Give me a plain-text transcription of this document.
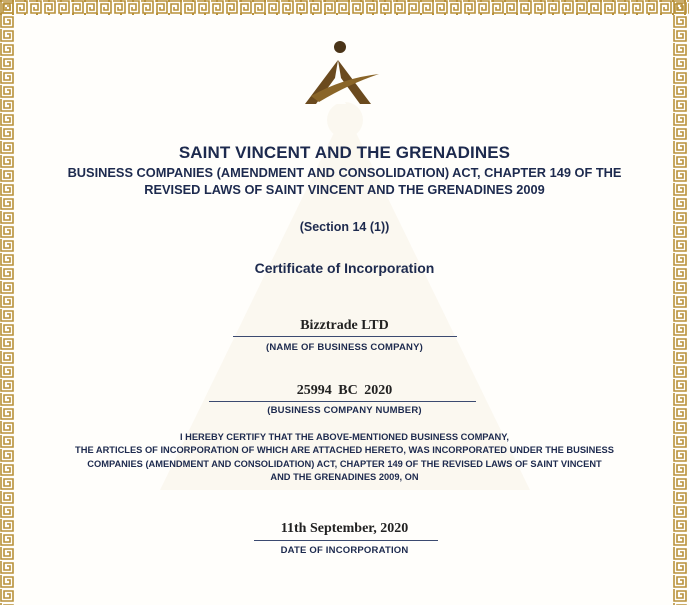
SAINT VINCENT AND THE GRENADINES
BUSINESS COMPANIES (AMENDMENT AND CONSOLIDATION) ACT, CHAPTER 149 OF THE
REVISED LAWS OF SAINT VINCENT AND THE GRENADINES 2009
(Section 14 (1))
Certificate of Incorporation
Bizztrade LTD
(NAME OF BUSINESS COMPANY)
25994 BC 2020
(BUSINESS COMPANY NUMBER)
I HEREBY CERTIFY THAT THE ABOVE-MENTIONED BUSINESS COMPANY,
THE ARTICLES OF INCORPORATION OF WHICH ARE ATTACHED HERETO, WAS INCORPORATED UNDER THE BUSINESS
COMPANIES (AMENDMENT AND CONSOLIDATION) ACT, CHAPTER 149 OF THE REVISED LAWS OF SAINT VINCENT
AND THE GRENADINES 2009, ON
11th September, 2020
DATE OF INCORPORATION
